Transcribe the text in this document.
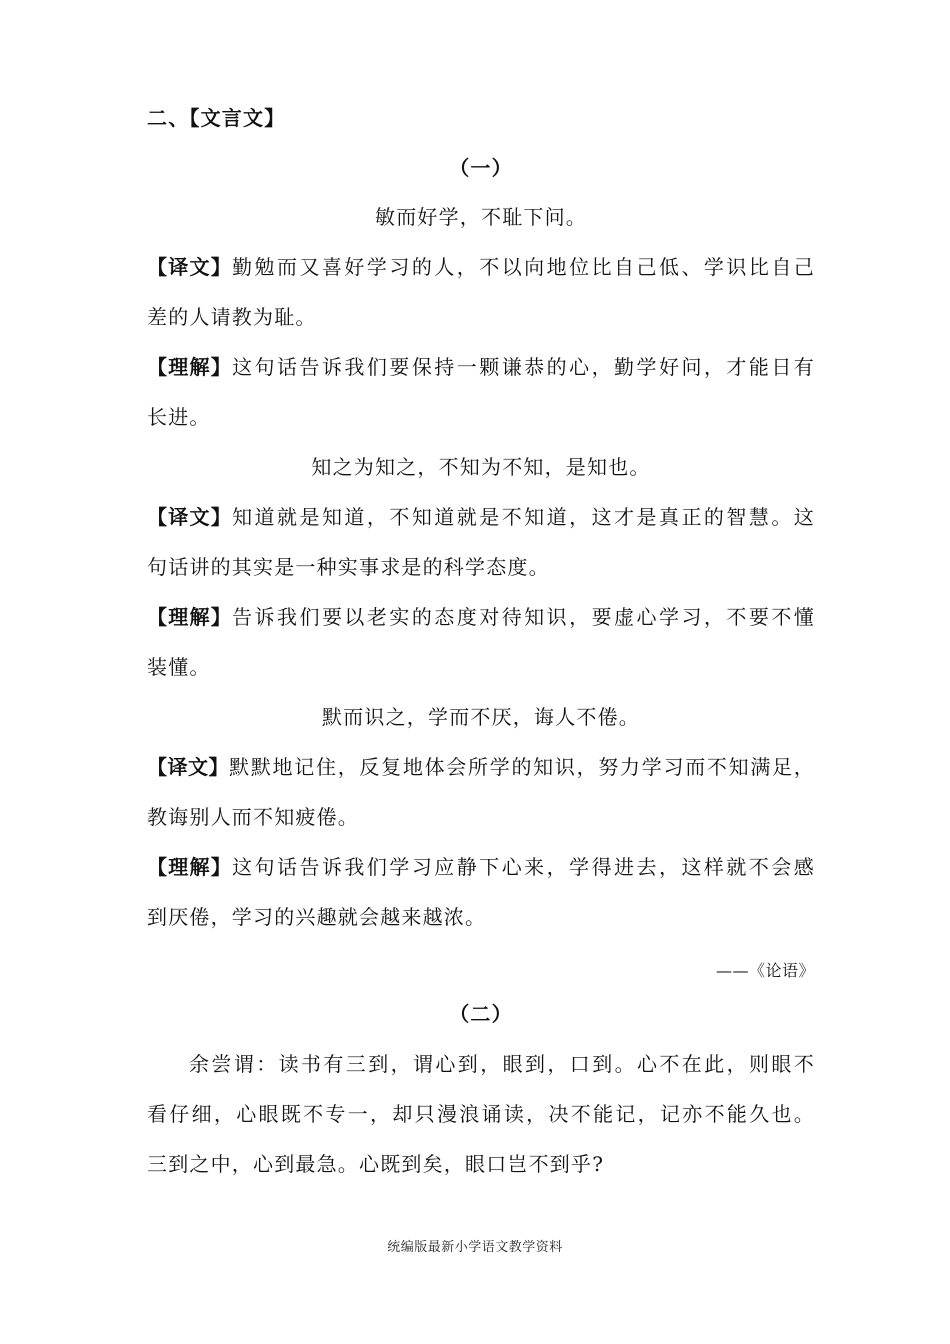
二、【文言文】
（一）
敏而好学，不耻下问。
【译文】勤勉而又喜好学习的人，不以向地位比自己低、学识比自己
差的人请教为耻。
【理解】这句话告诉我们要保持一颗谦恭的心，勤学好问，才能日有
长进。
知之为知之，不知为不知，是知也。
【译文】知道就是知道，不知道就是不知道，这才是真正的智慧。这
句话讲的其实是一种实事求是的科学态度。
【理解】告诉我们要以老实的态度对待知识，要虚心学习，不要不懂
装懂。
默而识之，学而不厌，诲人不倦。
【译文】默默地记住，反复地体会所学的知识，努力学习而不知满足，
教诲别人而不知疲倦。
【理解】这句话告诉我们学习应静下心来，学得进去，这样就不会感
到厌倦，学习的兴趣就会越来越浓。
——《论语》
（二）
余尝谓：读书有三到，谓心到，眼到，口到。心不在此，则眼不
看仔细，心眼既不专一，却只漫浪诵读，决不能记，记亦不能久也。
三到之中，心到最急。心既到矣，眼口岂不到乎?
统编版最新小学语文教学资料
